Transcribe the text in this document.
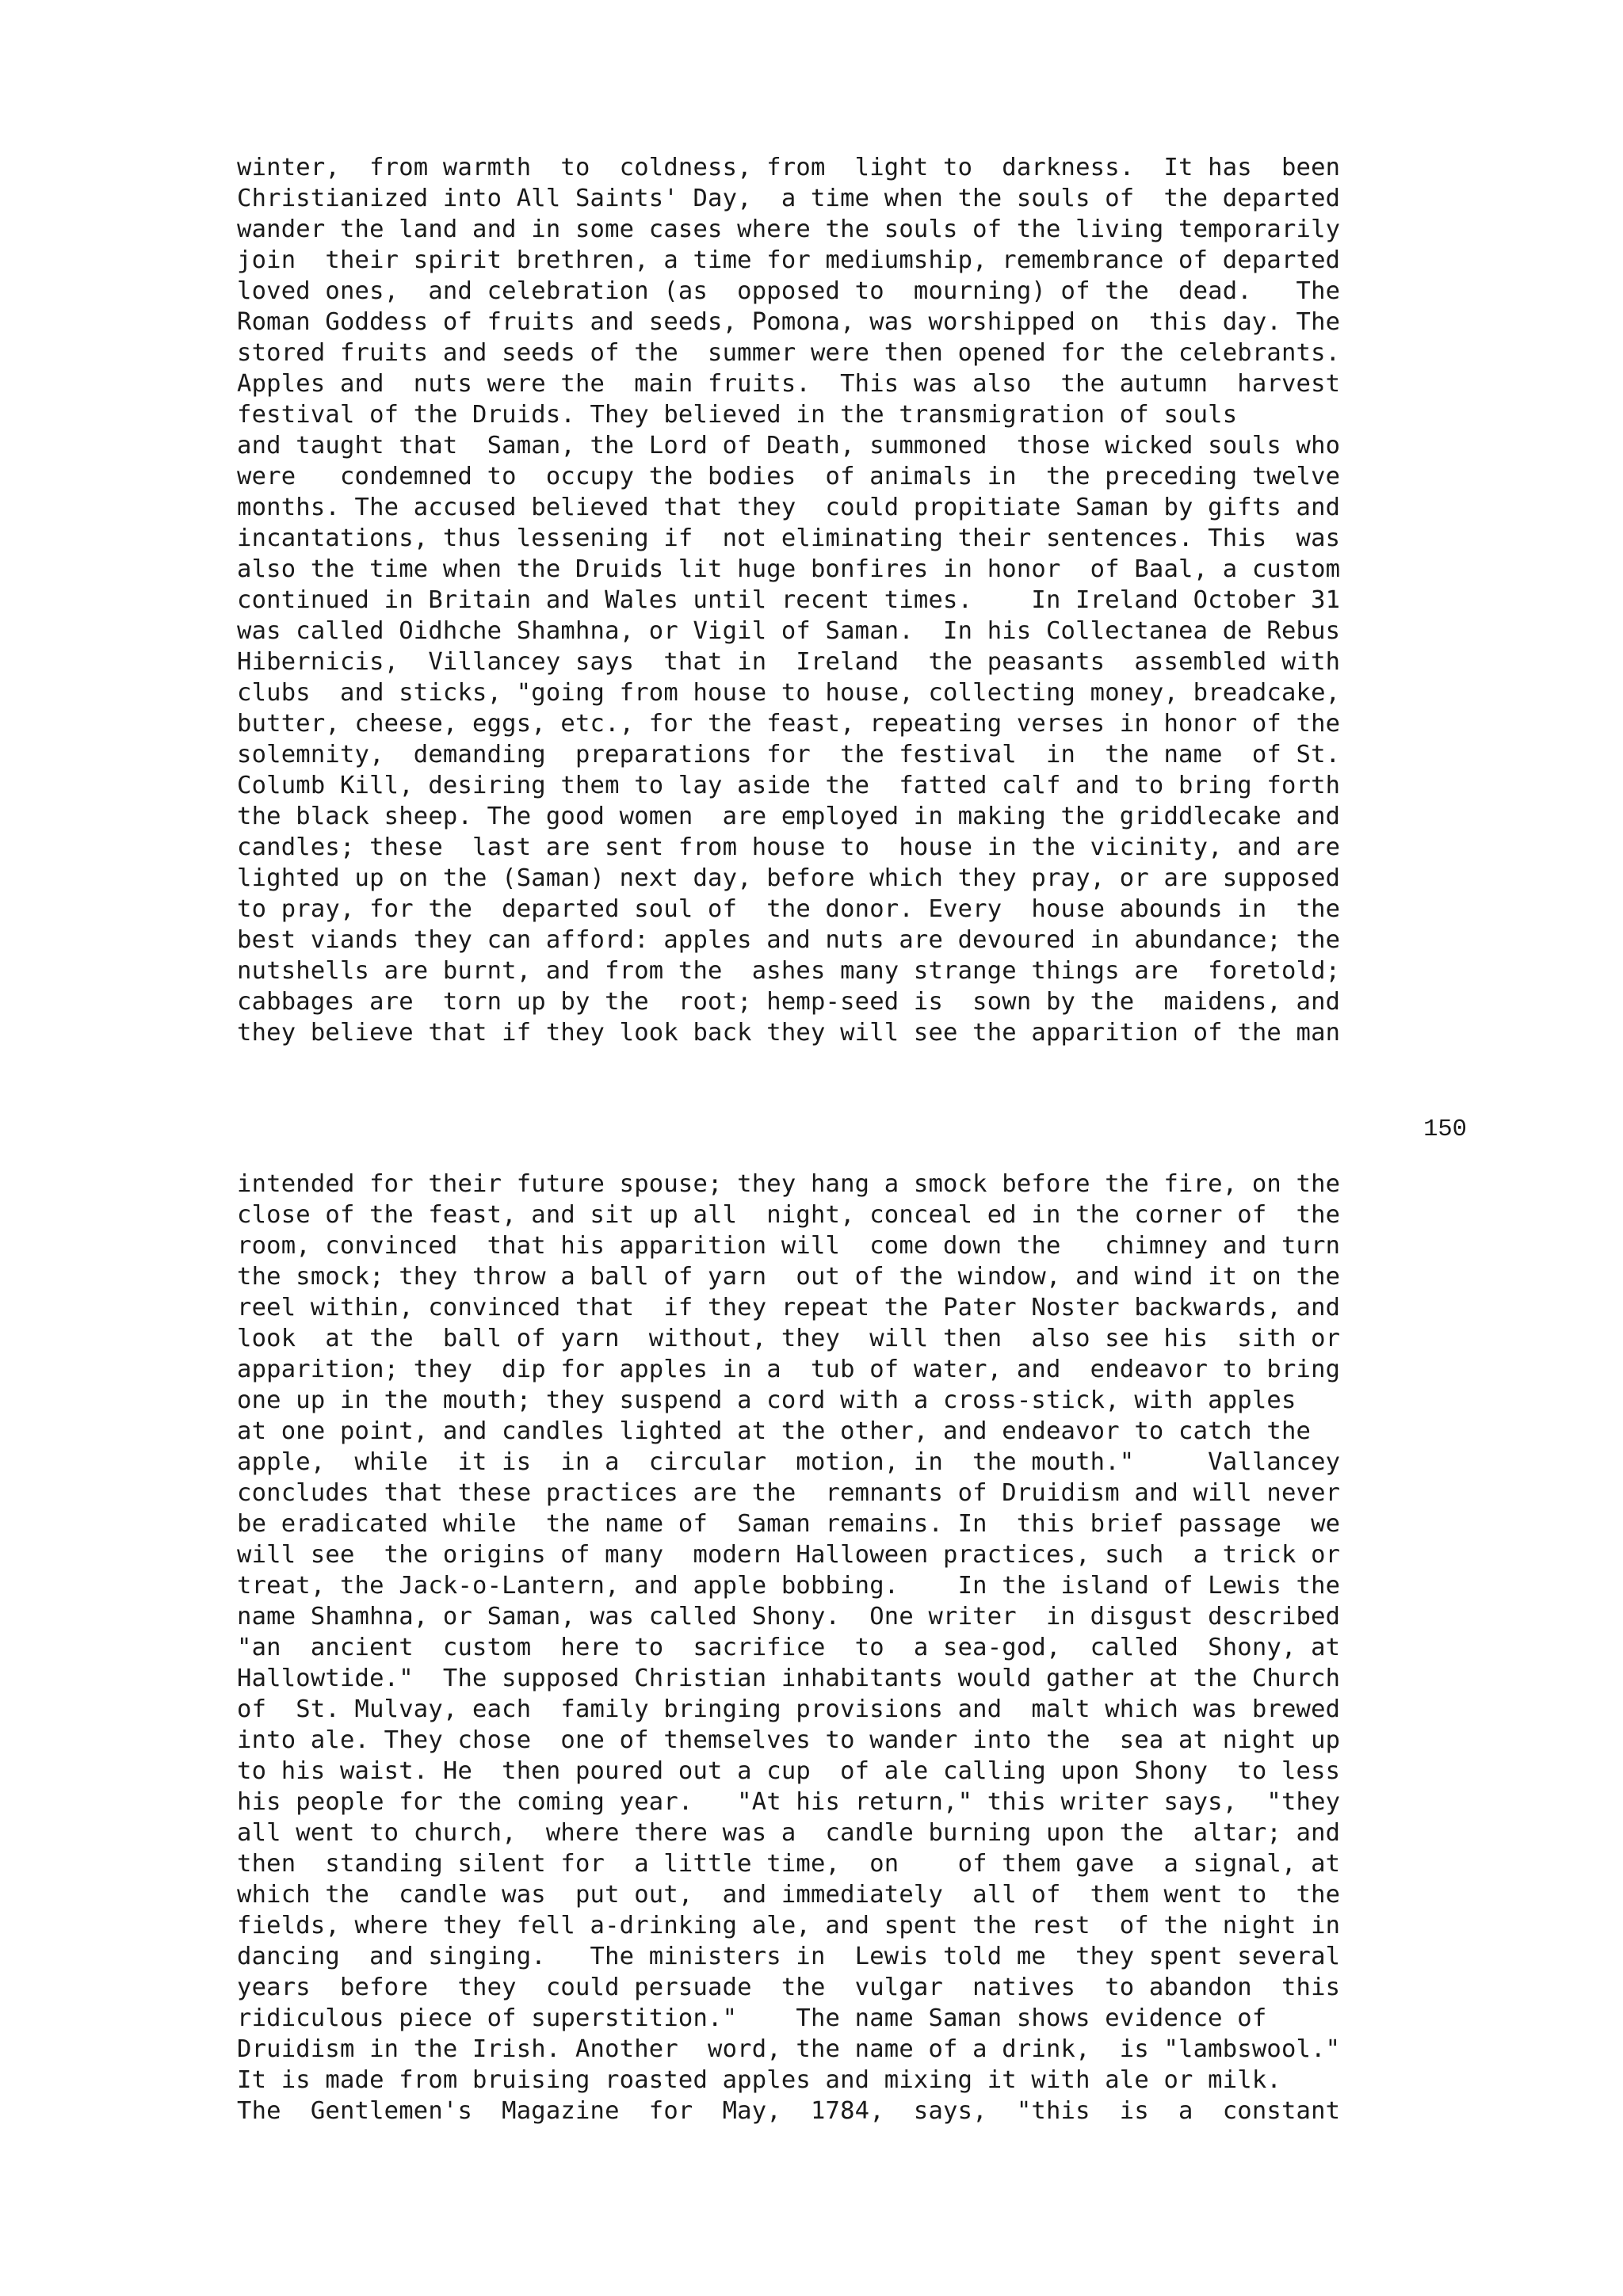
winter,  from warmth  to  coldness, from  light to  darkness.  It has  been
Christianized into All Saints' Day,  a time when the souls of  the departed
wander the land and in some cases where the souls of the living temporarily
join  their spirit brethren, a time for mediumship, remembrance of departed
loved ones,  and celebration (as  opposed to  mourning) of the  dead.   The
Roman Goddess of fruits and seeds, Pomona, was worshipped on  this day. The
stored fruits and seeds of the  summer were then opened for the celebrants.
Apples and  nuts were the  main fruits.  This was also  the autumn  harvest
festival of the Druids. They believed in the transmigration of souls
and taught that  Saman, the Lord of Death, summoned  those wicked souls who
were   condemned to  occupy the bodies  of animals in  the preceding twelve
months. The accused believed that they  could propitiate Saman by gifts and
incantations, thus lessening if  not eliminating their sentences. This  was
also the time when the Druids lit huge bonfires in honor  of Baal, a custom
continued in Britain and Wales until recent times.    In Ireland October 31
was called Oidhche Shamhna, or Vigil of Saman.  In his Collectanea de Rebus
Hibernicis,  Villancey says  that in  Ireland  the peasants  assembled with
clubs  and sticks, "going from house to house, collecting money, breadcake,
butter, cheese, eggs, etc., for the feast, repeating verses in honor of the
solemnity,  demanding  preparations for  the festival  in  the name  of St.
Columb Kill, desiring them to lay aside the  fatted calf and to bring forth
the black sheep. The good women  are employed in making the griddlecake and
candles; these  last are sent from house to  house in the vicinity, and are
lighted up on the (Saman) next day, before which they pray, or are supposed
to pray, for the  departed soul of  the donor. Every  house abounds in  the
best viands they can afford: apples and nuts are devoured in abundance; the
nutshells are burnt, and from the  ashes many strange things are  foretold;
cabbages are  torn up by the  root; hemp-seed is  sown by the  maidens, and
they believe that if they look back they will see the apparition of the man
150
intended for their future spouse; they hang a smock before the fire, on the
close of the feast, and sit up all  night, conceal ed in the corner of  the
room, convinced  that his apparition will  come down the   chimney and turn
the smock; they throw a ball of yarn  out of the window, and wind it on the
reel within, convinced that  if they repeat the Pater Noster backwards, and
look  at the  ball of yarn  without, they  will then  also see his  sith or
apparition; they  dip for apples in a  tub of water, and  endeavor to bring
one up in the mouth; they suspend a cord with a cross-stick, with apples
at one point, and candles lighted at the other, and endeavor to catch the
apple,  while  it is  in a  circular  motion, in  the mouth."     Vallancey
concludes that these practices are the  remnants of Druidism and will never
be eradicated while  the name of  Saman remains. In  this brief passage  we
will see  the origins of many  modern Halloween practices, such  a trick or
treat, the Jack-o-Lantern, and apple bobbing.    In the island of Lewis the
name Shamhna, or Saman, was called Shony.  One writer  in disgust described
"an  ancient  custom  here to  sacrifice  to  a sea-god,  called  Shony, at
Hallowtide."  The supposed Christian inhabitants would gather at the Church
of  St. Mulvay, each  family bringing provisions and  malt which was brewed
into ale. They chose  one of themselves to wander into the  sea at night up
to his waist. He  then poured out a cup  of ale calling upon Shony  to less
his people for the coming year.   "At his return," this writer says,  "they
all went to church,  where there was a  candle burning upon the  altar; and
then  standing silent for  a little time,  on    of them gave  a signal, at
which the  candle was  put out,  and immediately  all of  them went to  the
fields, where they fell a-drinking ale, and spent the rest  of the night in
dancing  and singing.   The ministers in  Lewis told me  they spent several
years  before  they  could persuade  the  vulgar  natives  to abandon  this
ridiculous piece of superstition."    The name Saman shows evidence of
Druidism in the Irish. Another  word, the name of a drink,  is "lambswool."
It is made from bruising roasted apples and mixing it with ale or milk.
The  Gentlemen's  Magazine  for  May,  1784,  says,  "this  is  a  constant
